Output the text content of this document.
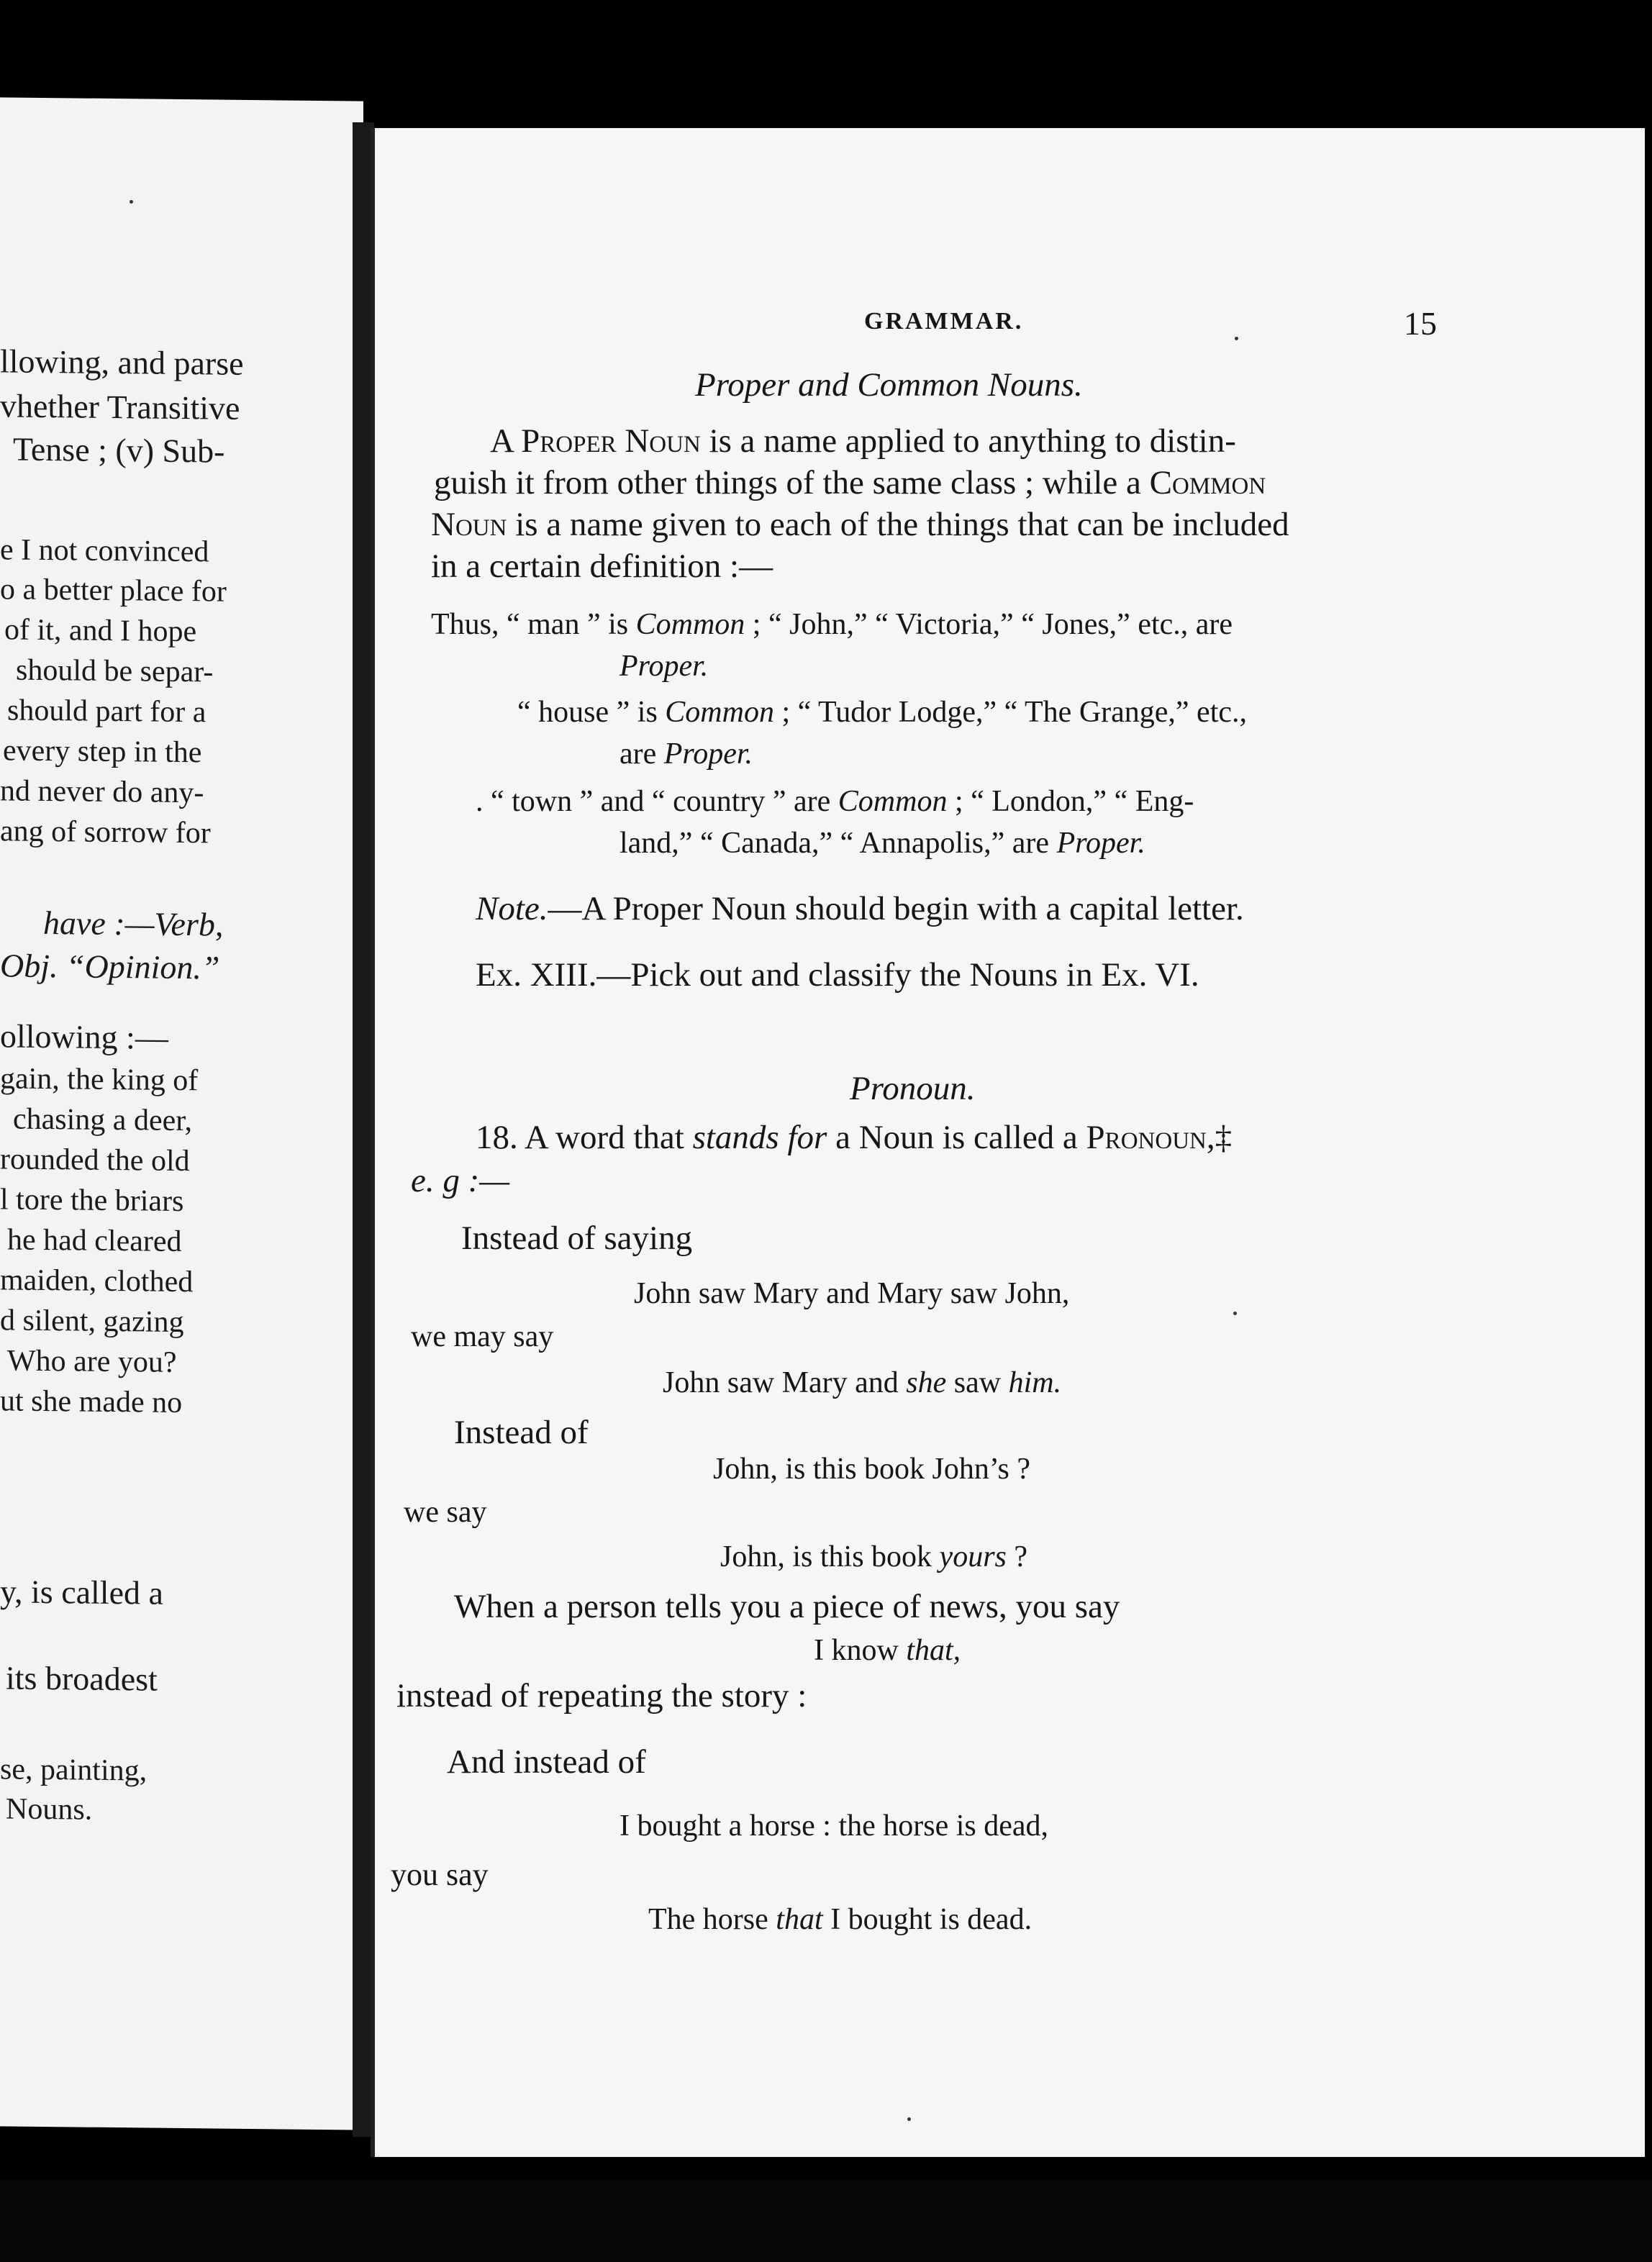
llowing, and parse
vhether Transitive
Tense ; (v) Sub-
e I not convinced
o a better place for
of it, and I hope
should be separ-
should part for a
every step in the
nd never do any-
ang of sorrow for
have :—Verb,
Obj. “Opinion.”
ollowing :—
gain, the king of
chasing a deer,
rounded the old
l tore the briars
he had cleared
maiden, clothed
d silent, gazing
Who are you?
ut she made no
y, is called a
its broadest
se, painting,
Nouns.
GRAMMAR.	15
Proper and Common Nouns.
A Proper Noun is a name applied to anything to distin-
guish it from other things of the same class ; while a Common
Noun is a name given to each of the things that can be included
in a certain definition :—
Thus, “ man ” is Common ; “ John,” “ Victoria,” “ Jones,” etc., are
Proper.
“ house ” is Common ; “ Tudor Lodge,” “ The Grange,” etc.,
are Proper.
. “ town ” and “ country ” are Common ; “ London,” “ Eng-
land,” “ Canada,” “ Annapolis,” are Proper.
Note.—A Proper Noun should begin with a capital letter.
Ex. XIII.—Pick out and classify the Nouns in Ex. VI.
Pronoun.
18. A word that stands for a Noun is called a Pronoun,‡
e. g :—
Instead of saying
John saw Mary and Mary saw John,
we may say
John saw Mary and she saw him.
Instead of
John, is this book John’s ?
we say
John, is this book yours ?
When a person tells you a piece of news, you say
I know that,
instead of repeating the story :
And instead of
I bought a horse : the horse is dead,
you say
The horse that I bought is dead.
